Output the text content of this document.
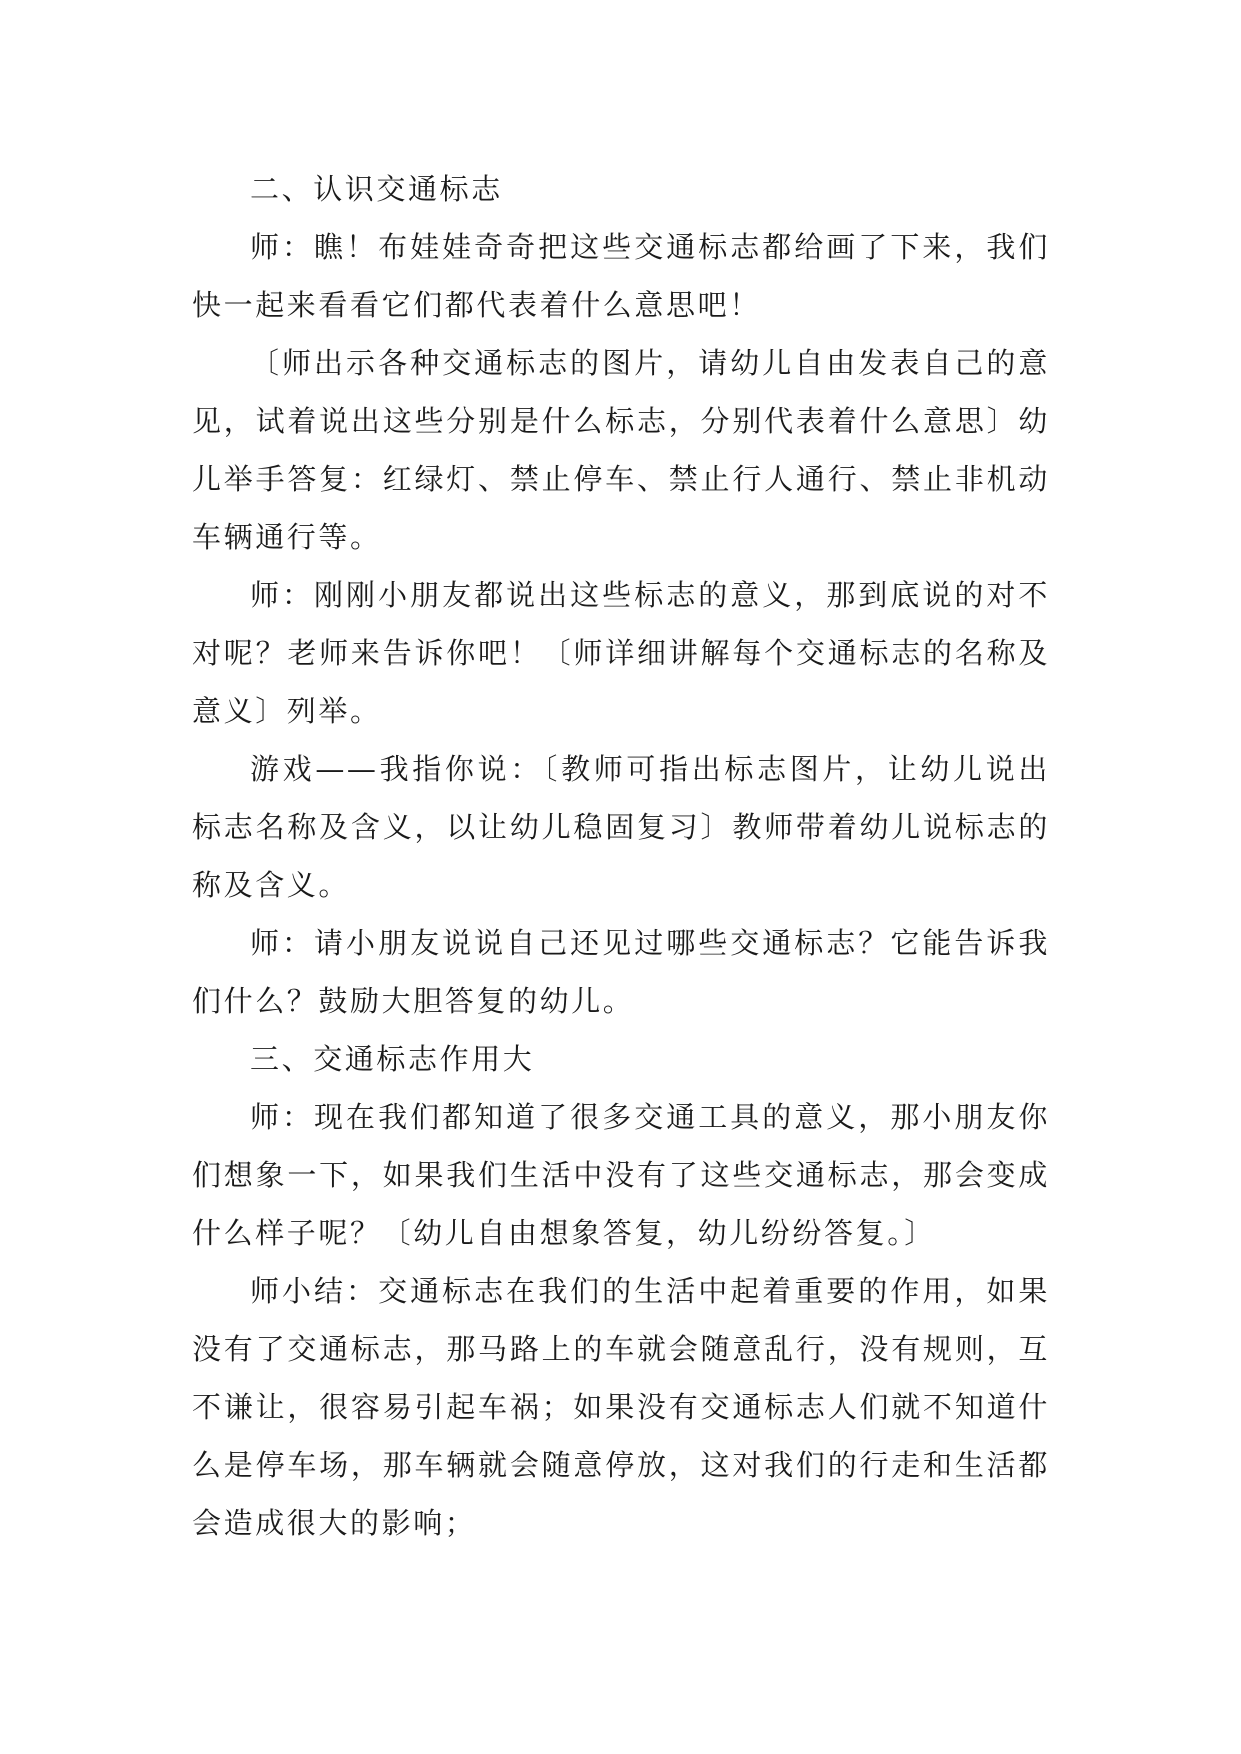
二、认识交通标志

师：瞧！布娃娃奇奇把这些交通标志都给画了下来，我们快一起来看看它们都代表着什么意思吧！

〔师出示各种交通标志的图片，请幼儿自由发表自己的意见，试着说出这些分别是什么标志，分别代表着什么意思〕幼儿举手答复：红绿灯、禁止停车、禁止行人通行、禁止非机动车辆通行等。

师：刚刚小朋友都说出这些标志的意义，那到底说的对不对呢？老师来告诉你吧！〔师详细讲解每个交通标志的名称及意义〕列举。

游戏——我指你说：〔教师可指出标志图片，让幼儿说出标志名称及含义，以让幼儿稳固复习〕教师带着幼儿说标志的称及含义。

师：请小朋友说说自己还见过哪些交通标志？它能告诉我们什么？鼓励大胆答复的幼儿。

三、交通标志作用大

师：现在我们都知道了很多交通工具的意义，那小朋友你们想象一下，如果我们生活中没有了这些交通标志，那会变成什么样子呢？〔幼儿自由想象答复，幼儿纷纷答复。〕

师小结：交通标志在我们的生活中起着重要的作用，如果没有了交通标志，那马路上的车就会随意乱行，没有规则，互不谦让，很容易引起车祸；如果没有交通标志人们就不知道什么是停车场，那车辆就会随意停放，这对我们的行走和生活都会造成很大的影响；
